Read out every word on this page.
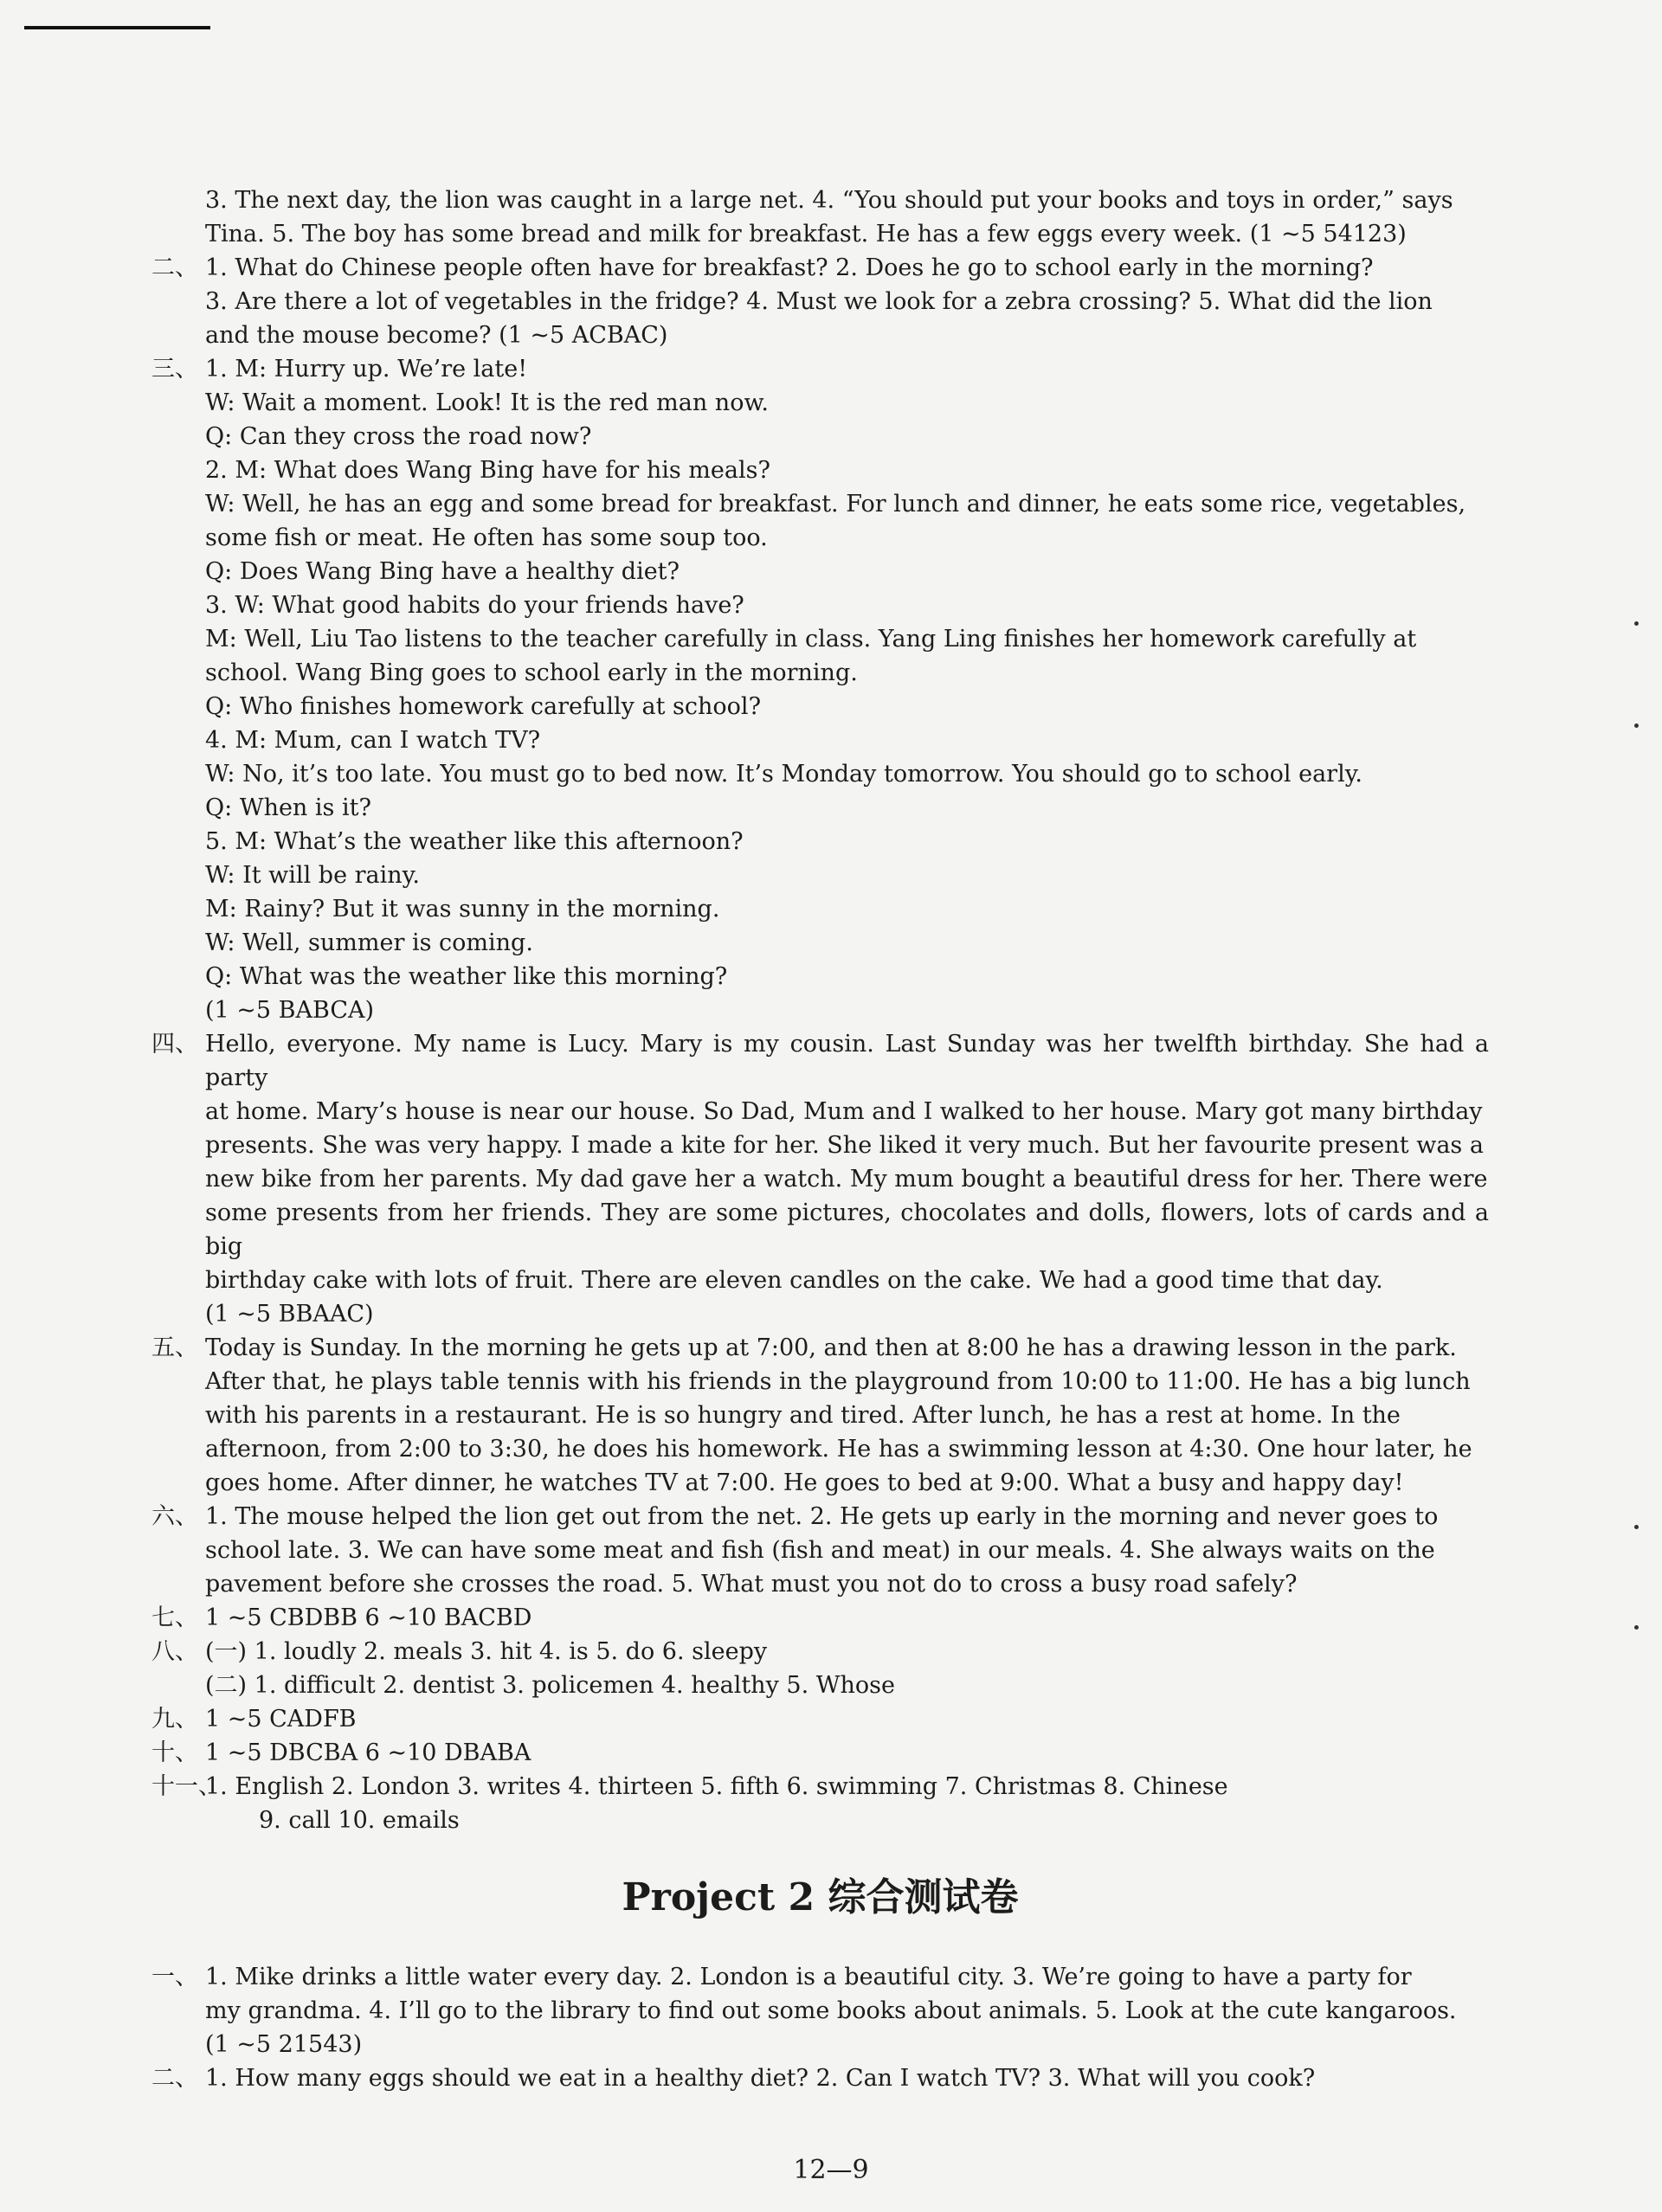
3. The next day, the lion was caught in a large net. 4. “You should put your books and toys in order,” says

Tina. 5. The boy has some bread and milk for breakfast. He has a few eggs every week. (1 ~5 54123)

二、 1. What do Chinese people often have for breakfast? 2. Does he go to school early in the morning?

3. Are there a lot of vegetables in the fridge? 4. Must we look for a zebra crossing? 5. What did the lion

and the mouse become? (1 ~5 ACBAC)

三、 1. M: Hurry up. We’re late!

W: Wait a moment. Look! It is the red man now.

Q: Can they cross the road now?

2. M: What does Wang Bing have for his meals?

W: Well, he has an egg and some bread for breakfast. For lunch and dinner, he eats some rice, vegetables,

some fish or meat. He often has some soup too.

Q: Does Wang Bing have a healthy diet?

3. W: What good habits do your friends have?

M: Well, Liu Tao listens to the teacher carefully in class. Yang Ling finishes her homework carefully at

school. Wang Bing goes to school early in the morning.

Q: Who finishes homework carefully at school?

4. M: Mum, can I watch TV?

W: No, it’s too late. You must go to bed now. It’s Monday tomorrow. You should go to school early.

Q: When is it?

5. M: What’s the weather like this afternoon?

W: It will be rainy.

M: Rainy? But it was sunny in the morning.

W: Well, summer is coming.

Q: What was the weather like this morning?

(1 ~5 BABCA)

四、 Hello, everyone. My name is Lucy. Mary is my cousin. Last Sunday was her twelfth birthday. She had a party

at home. Mary’s house is near our house. So Dad, Mum and I walked to her house. Mary got many birthday

presents. She was very happy. I made a kite for her. She liked it very much. But her favourite present was a

new bike from her parents. My dad gave her a watch. My mum bought a beautiful dress for her. There were

some presents from her friends. They are some pictures, chocolates and dolls, flowers, lots of cards and a big

birthday cake with lots of fruit. There are eleven candles on the cake. We had a good time that day.

(1 ~5 BBAAC)

五、 Today is Sunday. In the morning he gets up at 7:00, and then at 8:00 he has a drawing lesson in the park.

After that, he plays table tennis with his friends in the playground from 10:00 to 11:00. He has a big lunch

with his parents in a restaurant. He is so hungry and tired. After lunch, he has a rest at home. In the

afternoon, from 2:00 to 3:30, he does his homework. He has a swimming lesson at 4:30. One hour later, he

goes home. After dinner, he watches TV at 7:00. He goes to bed at 9:00. What a busy and happy day!

六、 1. The mouse helped the lion get out from the net. 2. He gets up early in the morning and never goes to

school late. 3. We can have some meat and fish (fish and meat) in our meals. 4. She always waits on the

pavement before she crosses the road. 5. What must you not do to cross a busy road safely?

七、 1 ~5 CBDBB 6 ~10 BACBD

八、 (一) 1. loudly 2. meals 3. hit 4. is 5. do 6. sleepy

(二) 1. difficult 2. dentist 3. policemen 4. healthy 5. Whose

九、 1 ~5 CADFB

十、 1 ~5 DBCBA 6 ~10 DBABA

十一、

1. English 2. London 3. writes 4. thirteen 5. fifth 6. swimming 7. Christmas 8. Chinese

9. call 10. emails

Project 2 综合测试卷
一、 1. Mike drinks a little water every day. 2. London is a beautiful city. 3. We’re going to have a party for

my grandma. 4. I’ll go to the library to find out some books about animals. 5. Look at the cute kangaroos.

(1 ~5 21543)

二、 1. How many eggs should we eat in a healthy diet? 2. Can I watch TV? 3. What will you cook?

12—9
